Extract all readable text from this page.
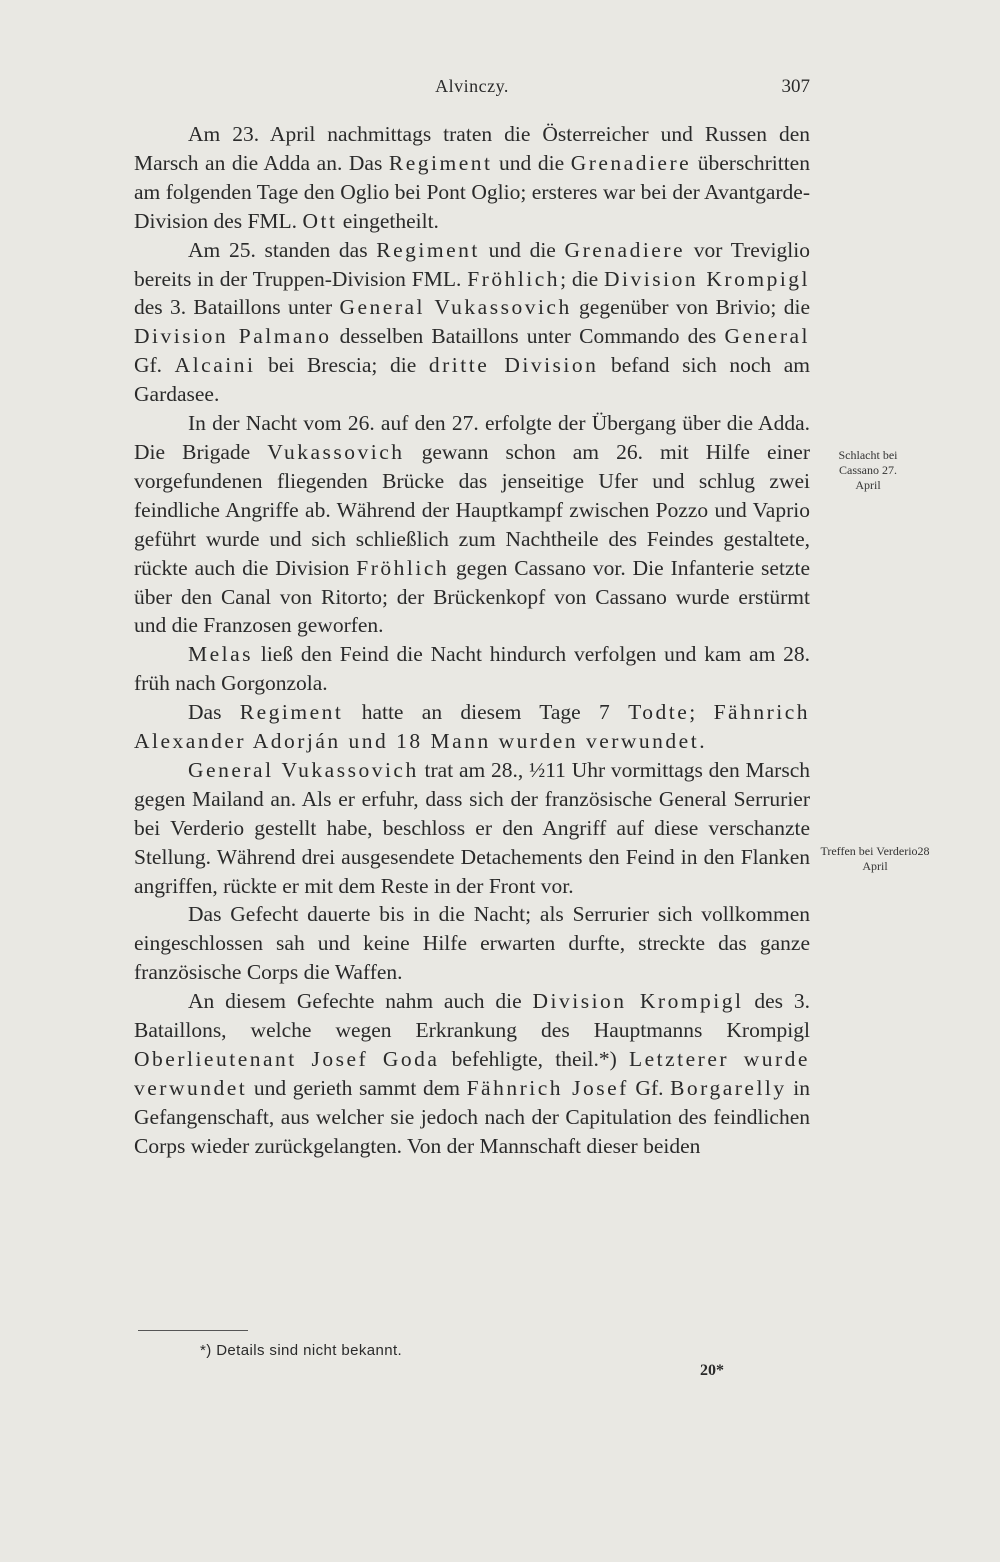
Alvinczy.	307

Am 23. April nachmittags traten die Österreicher und Russen den Marsch an die Adda an. Das Regiment und die Grenadiere überschritten am folgenden Tage den Oglio bei Pont Oglio; ersteres war bei der Avantgarde-Division des FML. Ott eingetheilt.

Am 25. standen das Regiment und die Grenadiere vor Treviglio bereits in der Truppen-Division FML. Fröhlich; die Division Krompigl des 3. Bataillons unter General Vukassovich gegenüber von Brivio; die Division Palmano desselben Bataillons unter Commando des General Gf. Alcaini bei Brescia; die dritte Division befand sich noch am Gardasee.

In der Nacht vom 26. auf den 27. erfolgte der Übergang über die Adda. Die Brigade Vukassovich gewann schon am 26. mit Hilfe einer vorgefundenen fliegenden Brücke das jenseitige Ufer und schlug zwei feindliche Angriffe ab. Während der Hauptkampf zwischen Pozzo und Vaprio geführt wurde und sich schließlich zum Nachtheile des Feindes gestaltete, rückte auch die Division Fröhlich gegen Cassano vor. Die Infanterie setzte über den Canal von Ritorto; der Brückenkopf von Cassano wurde erstürmt und die Franzosen geworfen.

Melas ließ den Feind die Nacht hindurch verfolgen und kam am 28. früh nach Gorgonzola.

Das Regiment hatte an diesem Tage 7 Todte; Fähnrich Alexander Adorján und 18 Mann wurden verwundet.

General Vukassovich trat am 28., ½11 Uhr vormittags den Marsch gegen Mailand an. Als er erfuhr, dass sich der französische General Serrurier bei Verderio gestellt habe, beschloss er den Angriff auf diese verschanzte Stellung. Während drei ausgesendete Detachements den Feind in den Flanken angriffen, rückte er mit dem Reste in der Front vor.

Das Gefecht dauerte bis in die Nacht; als Serrurier sich vollkommen eingeschlossen sah und keine Hilfe erwarten durfte, streckte das ganze französische Corps die Waffen.

An diesem Gefechte nahm auch die Division Krompigl des 3. Bataillons, welche wegen Erkrankung des Hauptmanns Krompigl Oberlieutenant Josef Goda befehligte, theil.*) Letzterer wurde verwundet und gerieth sammt dem Fähnrich Josef Gf. Borgarelly in Gefangenschaft, aus welcher sie jedoch nach der Capitulation des feindlichen Corps wieder zurückgelangten. Von der Mannschaft dieser beiden

Schlacht bei Cassano 27. April
Treffen bei Verderio28 April
*) Details sind nicht bekannt.
20*
